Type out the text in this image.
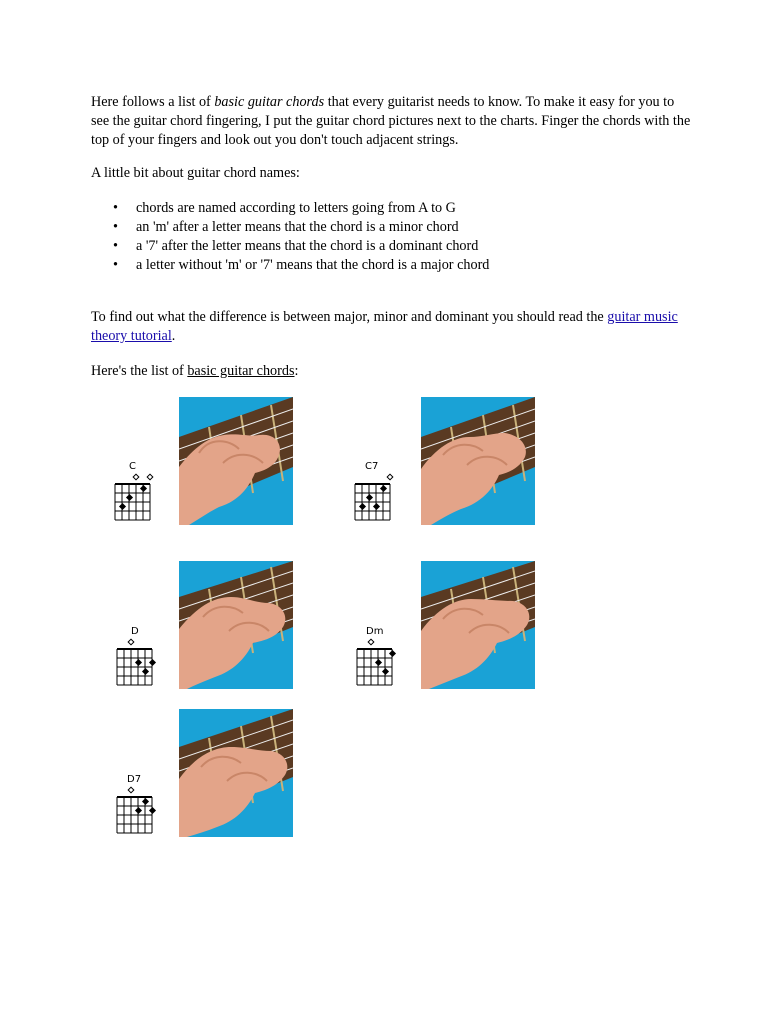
Here follows a list of basic guitar chords that every guitarist needs to know. To make it easy for you to see the guitar chord fingering, I put the guitar chord pictures next to the charts. Finger the chords with the top of your fingers and look out you don't touch adjacent strings.

A little bit about guitar chord names:

• chords are named according to letters going from A to G
• an 'm' after a letter means that the chord is a minor chord
• a '7' after the letter means that the chord is a dominant chord
• a letter without 'm' or '7' means that the chord is a major chord

To find out what the difference is between major, minor and dominant you should read the guitar music theory tutorial.

Here's the list of basic guitar chords:

C	C7
D	Dm
D7
